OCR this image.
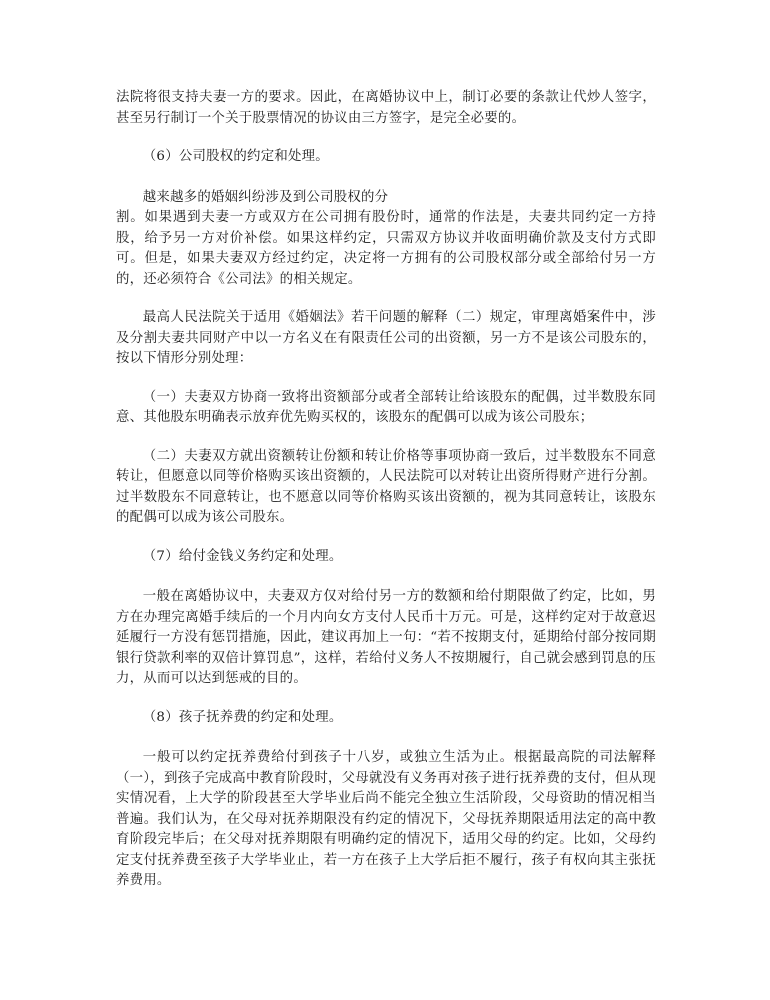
法院将很支持夫妻一方的要求。因此，在离婚协议中上，制订必要的条款让代炒人签字，甚至另行制订一个关于股票情况的协议由三方签字，是完全必要的。

（6）公司股权的约定和处理。

越来越多的婚姻纠纷涉及到公司股权的分

割。如果遇到夫妻一方或双方在公司拥有股份时，通常的作法是，夫妻共同约定一方持股，给予另一方对价补偿。如果这样约定，只需双方协议并收面明确价款及支付方式即可。但是，如果夫妻双方经过约定，决定将一方拥有的公司股权部分或全部给付另一方的，还必须符合《公司法》的相关规定。

最高人民法院关于适用《婚姻法》若干问题的解释（二）规定，审理离婚案件中，涉及分割夫妻共同财产中以一方名义在有限责任公司的出资额，另一方不是该公司股东的，按以下情形分别处理：

（一）夫妻双方协商一致将出资额部分或者全部转让给该股东的配偶，过半数股东同意、其他股东明确表示放弃优先购买权的，该股东的配偶可以成为该公司股东；

（二）夫妻双方就出资额转让份额和转让价格等事项协商一致后，过半数股东不同意转让，但愿意以同等价格购买该出资额的，人民法院可以对转让出资所得财产进行分割。过半数股东不同意转让，也不愿意以同等价格购买该出资额的，视为其同意转让，该股东的配偶可以成为该公司股东。

（7）给付金钱义务约定和处理。

一般在离婚协议中，夫妻双方仅对给付另一方的数额和给付期限做了约定，比如，男方在办理完离婚手续后的一个月内向女方支付人民币十万元。可是，这样约定对于故意迟延履行一方没有惩罚措施，因此，建议再加上一句：“若不按期支付，延期给付部分按同期银行贷款利率的双倍计算罚息”，这样，若给付义务人不按期履行，自己就会感到罚息的压力，从而可以达到惩戒的目的。

（8）孩子抚养费的约定和处理。

一般可以约定抚养费给付到孩子十八岁，或独立生活为止。根据最高院的司法解释（一），到孩子完成高中教育阶段时，父母就没有义务再对孩子进行抚养费的支付，但从现实情况看，上大学的阶段甚至大学毕业后尚不能完全独立生活阶段，父母资助的情况相当普遍。我们认为，在父母对抚养期限没有约定的情况下，父母抚养期限适用法定的高中教育阶段完毕后；在父母对抚养期限有明确约定的情况下，适用父母的约定。比如，父母约定支付抚养费至孩子大学毕业止，若一方在孩子上大学后拒不履行，孩子有权向其主张抚养费用。
